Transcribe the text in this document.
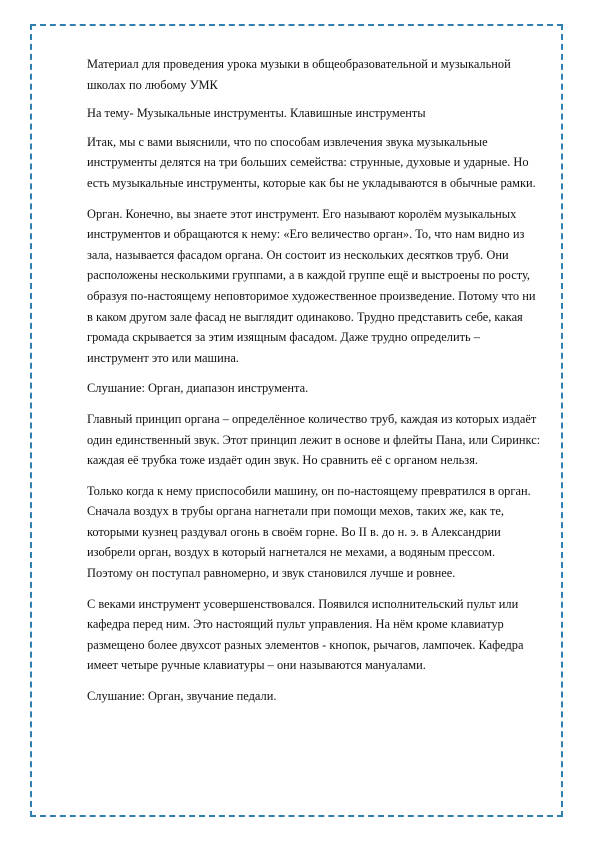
Материал для проведения урока музыки в общеобразовательной и музыкальной школах по любому УМК

На тему- Музыкальные инструменты. Клавишные инструменты

Итак, мы с вами выяснили, что по способам извлечения звука музыкальные инструменты делятся на три больших семейства: струнные, духовые и ударные. Но есть музыкальные инструменты, которые как бы не укладываются в обычные рамки.

Орган. Конечно, вы знаете этот инструмент. Его называют королём музыкальных инструментов и обращаются к нему: «Его величество орган». То, что нам видно из зала, называется фасадом органа. Он состоит из нескольких десятков труб. Они расположены несколькими группами, а в каждой группе ещё и выстроены по росту, образуя по-настоящему неповторимое художественное произведение. Потому что ни в каком другом зале фасад не выглядит одинаково. Трудно представить себе, какая громада скрывается за этим изящным фасадом. Даже трудно определить – инструмент это или машина.

Слушание: Орган, диапазон инструмента.

Главный принцип органа – определённое количество труб, каждая из которых издаёт один единственный звук. Этот принцип лежит в основе и флейты Пана, или Сиринкс: каждая её трубка тоже издаёт один звук. Но сравнить её с органом нельзя.

Только когда к нему приспособили машину, он по-настоящему превратился в орган. Сначала воздух в трубы органа нагнетали при помощи мехов, таких же, как те, которыми кузнец раздувал огонь в своём горне. Во II в. до н. э. в Александрии изобрели орган, воздух в который нагнетался не мехами, а водяным прессом. Поэтому он поступал равномерно, и звук становился лучше и ровнее.

С веками инструмент усовершенствовался. Появился исполнительский пульт или кафедра перед ним. Это настоящий пульт управления. На нём кроме клавиатур размещено более двухсот разных элементов - кнопок, рычагов, лампочек. Кафедра имеет четыре ручные клавиатуры – они называются мануалами.

Слушание: Орган, звучание педали.
